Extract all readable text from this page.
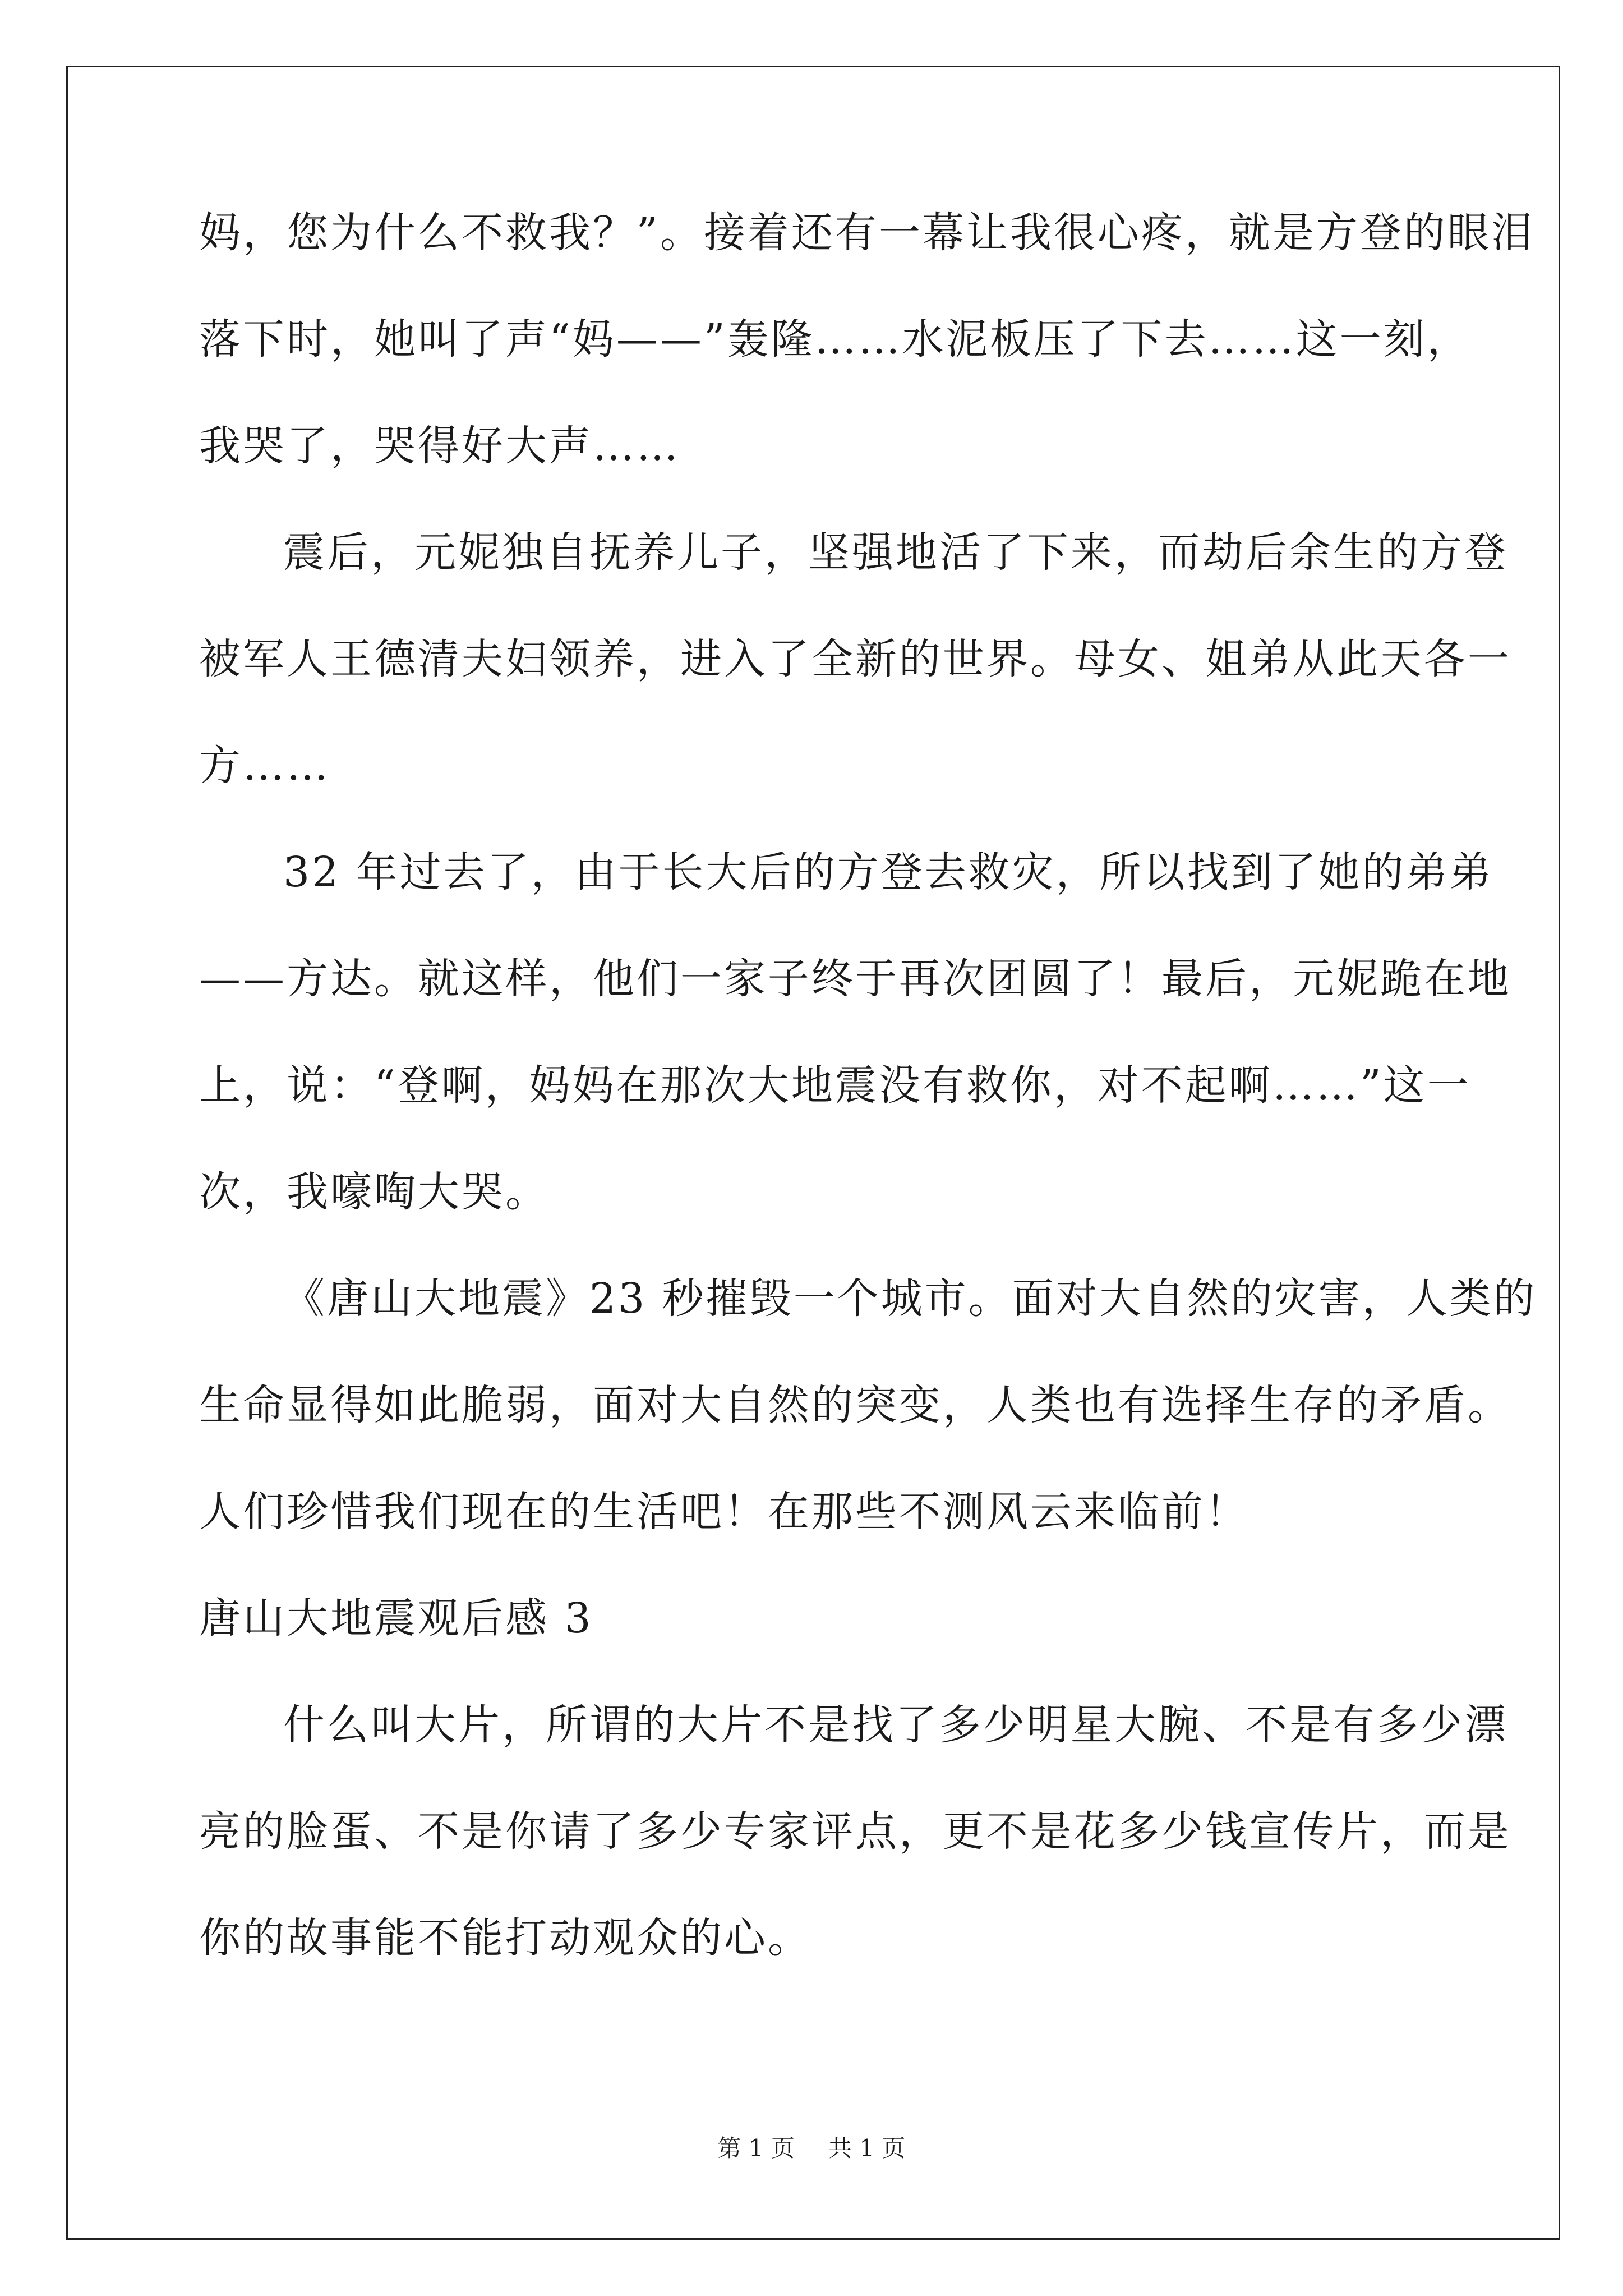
妈，您为什么不救我？”。接着还有一幕让我很心疼，就是方登的眼泪
落下时，她叫了声“妈——”轰隆……水泥板压了下去……这一刻，
我哭了，哭得好大声……
震后，元妮独自抚养儿子，坚强地活了下来，而劫后余生的方登
被军人王德清夫妇领养，进入了全新的世界。母女、姐弟从此天各一
方……
32 年过去了，由于长大后的方登去救灾，所以找到了她的弟弟
——方达。就这样，他们一家子终于再次团圆了！最后，元妮跪在地
上，说：“登啊，妈妈在那次大地震没有救你，对不起啊……”这一
次，我嚎啕大哭。
《唐山大地震》23 秒摧毁一个城市。面对大自然的灾害，人类的
生命显得如此脆弱，面对大自然的突变，人类也有选择生存的矛盾。
人们珍惜我们现在的生活吧！在那些不测风云来临前！
唐山大地震观后感 3
什么叫大片，所谓的大片不是找了多少明星大腕、不是有多少漂
亮的脸蛋、不是你请了多少专家评点，更不是花多少钱宣传片，而是
你的故事能不能打动观众的心。
第 1 页 共 1 页
